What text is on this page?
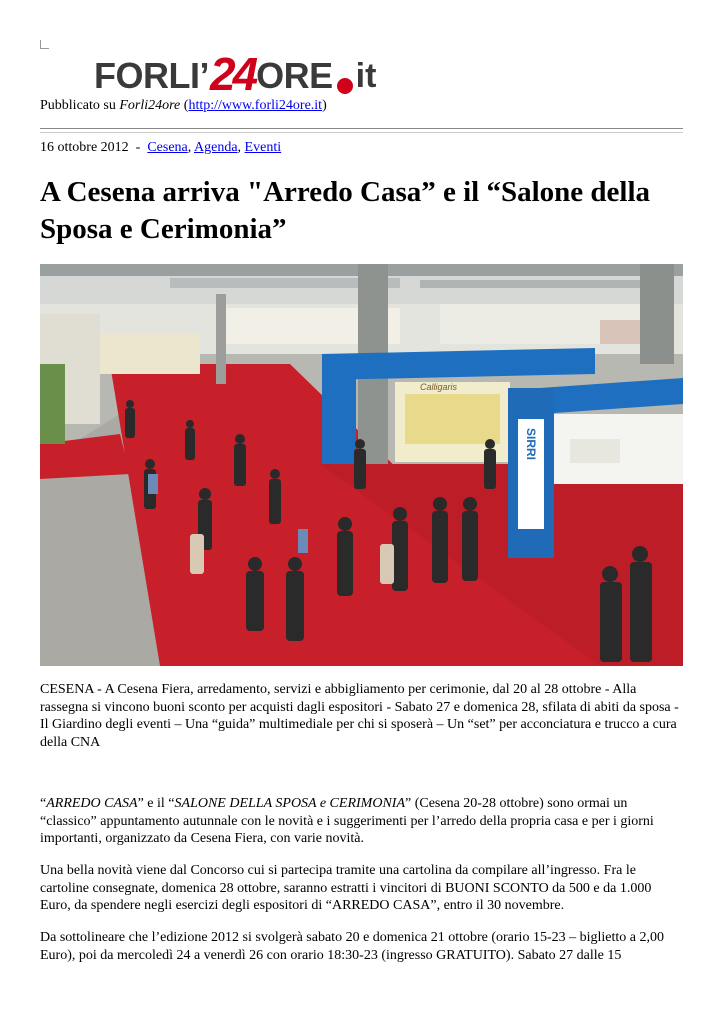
FORLI’ 24 ORE it
Pubblicato su Forli24ore (http://www.forli24ore.it)
16 ottobre 2012 - Cesena, Agenda, Eventi
A Cesena arriva "Arredo Casa” e il “Salone della Sposa e Cerimonia”
Calligaris
SIRRI

CESENA - A Cesena Fiera, arredamento, servizi e abbigliamento per cerimonie, dal 20 al 28 ottobre - Alla rassegna si vincono buoni sconto per acquisti dagli espositori - Sabato 27 e domenica 28, sfilata di abiti da sposa - Il Giardino degli eventi – Una “guida” multimediale per chi si sposerà – Un “set” per acconciatura e trucco a cura della CNA

“ARREDO CASA” e il “SALONE DELLA SPOSA e CERIMONIA” (Cesena 20-28 ottobre) sono ormai un “classico” appuntamento autunnale con le novità e i suggerimenti per l’arredo della propria casa e per i giorni importanti, organizzato da Cesena Fiera, con varie novità.

Una bella novità viene dal Concorso cui si partecipa tramite una cartolina da compilare all’ingresso. Fra le cartoline consegnate, domenica 28 ottobre, saranno estratti i vincitori di BUONI SCONTO da 500 e da 1.000 Euro, da spendere negli esercizi degli espositori di “ARREDO CASA”, entro il 30 novembre.

Da sottolineare che l’edizione 2012 si svolgerà sabato 20 e domenica 21 ottobre (orario 15-23 – biglietto a 2,00 Euro), poi da mercoledì 24 a venerdì 26 con orario 18:30-23 (ingresso GRATUITO). Sabato 27 dalle 15
